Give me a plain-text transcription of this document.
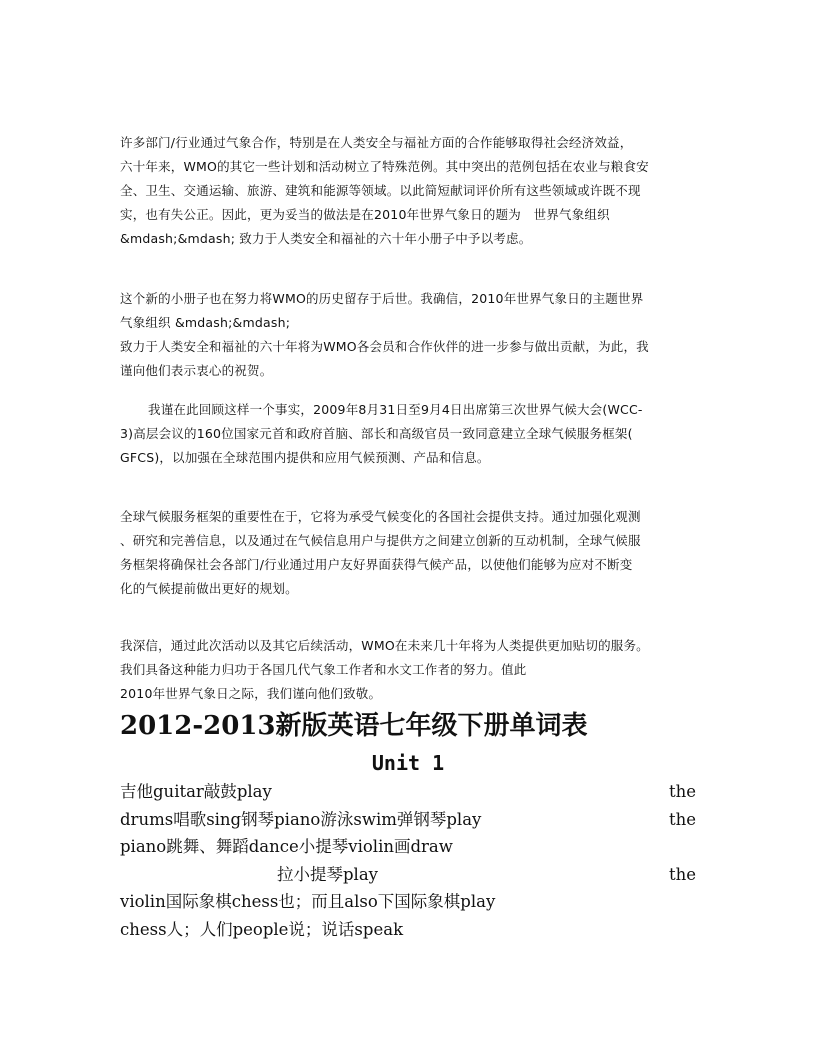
许多部门/行业通过气象合作，特别是在人类安全与福祉方面的合作能够取得社会经济效益，
六十年来，WMO的其它一些计划和活动树立了特殊范例。其中突出的范例包括在农业与粮食安
全、卫生、交通运输、旅游、建筑和能源等领域。以此简短献词评价所有这些领域或许既不现
实，也有失公正。因此，更为妥当的做法是在2010年世界气象日的题为　世界气象组织
&mdash;&mdash; 致力于人类安全和福祉的六十年小册子中予以考虑。
这个新的小册子也在努力将WMO的历史留存于后世。我确信，2010年世界气象日的主题世界
气象组织 &mdash;&mdash;
致力于人类安全和福祉的六十年将为WMO各会员和合作伙伴的进一步参与做出贡献，为此，我
谨向他们表示衷心的祝贺。
我谨在此回顾这样一个事实，2009年8月31日至9月4日出席第三次世界气候大会(WCC-
3)高层会议的160位国家元首和政府首脑、部长和高级官员一致同意建立全球气候服务框架(
GFCS)，以加强在全球范围内提供和应用气候预测、产品和信息。
全球气候服务框架的重要性在于，它将为承受气候变化的各国社会提供支持。通过加强化观测
、研究和完善信息，以及通过在气候信息用户与提供方之间建立创新的互动机制，全球气候服
务框架将确保社会各部门/行业通过用户友好界面获得气候产品，以使他们能够为应对不断变
化的气候提前做出更好的规划。
我深信，通过此次活动以及其它后续活动，WMO在未来几十年将为人类提供更加贴切的服务。
我们具备这种能力归功于各国几代气象工作者和水文工作者的努力。值此
2010年世界气象日之际，我们谨向他们致敬。
2012-2013新版英语七年级下册单词表
Unit 1
吉他guitar敲鼓play	the
drums唱歌sing钢琴piano游泳swim弹钢琴play	the
piano跳舞、舞蹈dance小提琴violin画draw
拉小提琴play	the
violin国际象棋chess也；而且also下国际象棋play
chess人；人们people说；说话speak
